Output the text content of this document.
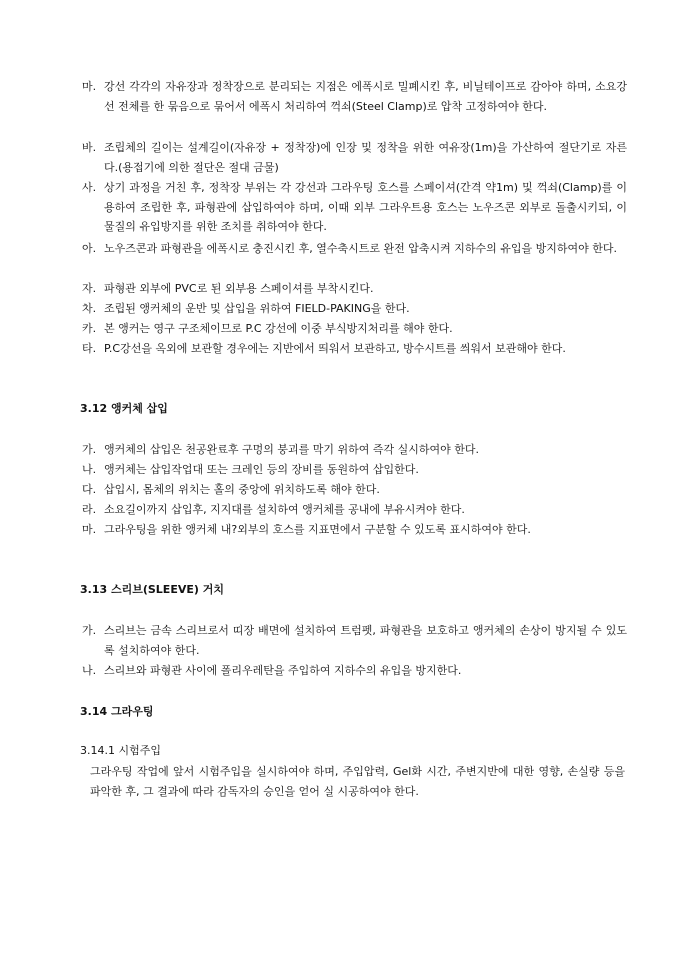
마. 강선 각각의 자유장과 정착장으로 분리되는 지점은 에폭시로 밀폐시킨 후, 비닐테이프로 감아야 하며, 소요강선 전체를 한 묶음으로 묶어서 에폭시 처리하여 꺽쇠(Steel Clamp)로 압착 고정하여야 한다.
바. 조립체의 길이는 설계길이(자유장 + 정착장)에 인장 및 정착을 위한 여유장(1m)을 가산하여 절단기로 자른다.(용접기에 의한 절단은 절대 금물)
사. 상기 과정을 거친 후, 정착장 부위는 각 강선과 그라우팅 호스를 스페이셔(간격 약1m) 및 꺽쇠(Clamp)를 이용하여 조립한 후, 파형관에 삽입하여야 하며, 이때 외부 그라우트용 호스는 노우즈콘 외부로 돌출시키되, 이물질의 유입방지를 위한 조치를 취하여야 한다.
아. 노우즈콘과 파형관을 에폭시로 충진시킨 후, 열수축시트로 완전 압축시켜 지하수의 유입을 방지하여야 한다.
자. 파형관 외부에 PVC로 된 외부용 스페이셔를 부착시킨다.
차. 조립된 앵커체의 운반 및 삽입을 위하여 FIELD-PAKING을 한다.
카. 본 앵커는 영구 구조체이므로 P.C 강선에 이중 부식방지처리를 해야 한다.
타. P.C강선을 옥외에 보관할 경우에는 지반에서 띄워서 보관하고, 방수시트를 씌워서 보관해야 한다.
3.12 앵커체 삽입
가. 앵커체의 삽입은 천공완료후 구멍의 붕괴를 막기 위하여 즉각 실시하여야 한다.
나. 앵커체는 삽입작업대 또는 크레인 등의 장비를 동원하여 삽입한다.
다. 삽입시, 몸체의 위치는 홀의 중앙에 위치하도록 해야 한다.
라. 소요길이까지 삽입후, 지지대를 설치하여 앵커체를 공내에 부유시켜야 한다.
마. 그라우팅을 위한 앵커체 내?외부의 호스를 지표면에서 구분할 수 있도록 표시하여야 한다.
3.13 스리브(SLEEVE) 거치
가. 스리브는 금속 스리브로서 띠장 배면에 설치하여 트럼펫, 파형관을 보호하고 앵커체의 손상이 방지될 수 있도록 설치하여야 한다.
나. 스리브와 파형관 사이에 폴리우레탄을 주입하여 지하수의 유입을 방지한다.
3.14 그라우팅
3.14.1 시험주입
그라우팅 작업에 앞서 시험주입을 실시하여야 하며, 주입압력, Gel화 시간, 주변지반에 대한 영향, 손실량 등을 파악한 후, 그 결과에 따라 감독자의 승인을 얻어 실 시공하여야 한다.
